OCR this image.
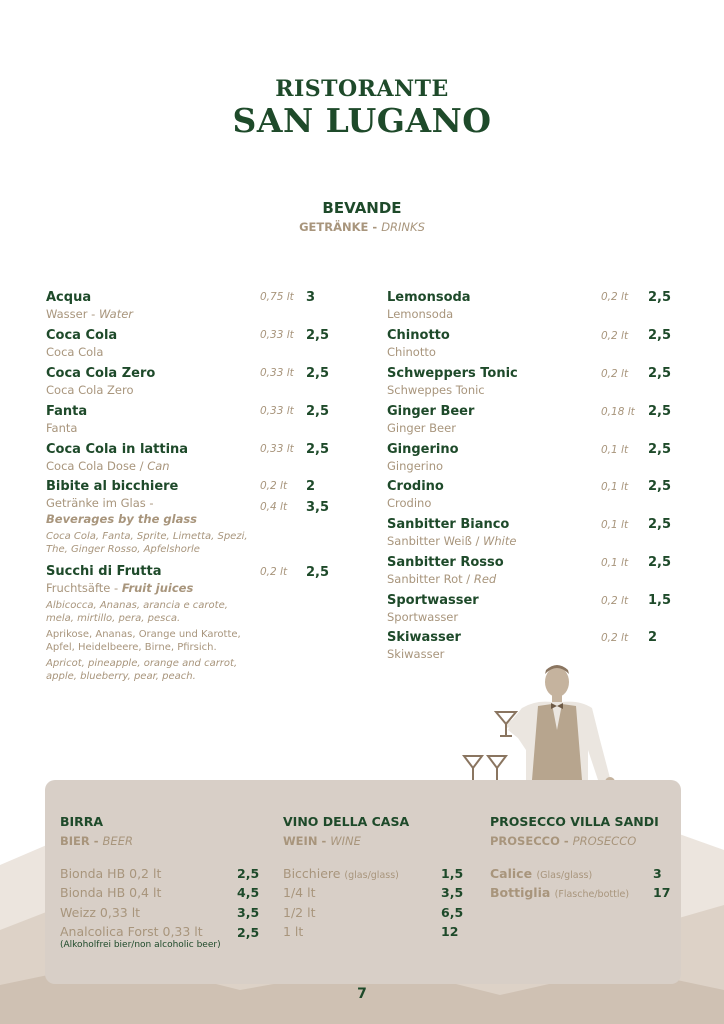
RISTORANTE
SAN LUGANO
BEVANDE
GETRÄNKE - DRINKS
Acqua
Wasser - Water
0,75 lt 3
Coca Cola
Coca Cola
0,33 lt 2,5
Coca Cola Zero
Coca Cola Zero
0,33 lt 2,5
Fanta
Fanta
0,33 lt 2,5
Coca Cola in lattina
Coca Cola Dose / Can
0,33 lt 2,5
Bibite al bicchiere
Getränke im Glas -
Beverages by the glass
Coca Cola, Fanta, Sprite, Limetta, Spezi, The, Ginger Rosso, Apfelshorle
0,2 lt 2
0,4 lt 3,5
Succhi di Frutta
Fruchtsäfte - Fruit juices
Albicocca, Ananas, arancia e carote, mela, mirtillo, pera, pesca.
Aprikose, Ananas, Orange und Karotte, Apfel, Heidelbeere, Birne, Pfirsich.
Apricot, pineapple, orange and carrot, apple, blueberry, pear, peach.
0,2 lt 2,5
Lemonsoda
Lemonsoda
0,2 lt 2,5
Chinotto
Chinotto
0,2 lt 2,5
Schweppers Tonic
Schweppes Tonic
0,2 lt 2,5
Ginger Beer
Ginger Beer
0,18 lt 2,5
Gingerino
Gingerino
0,1 lt 2,5
Crodino
Crodino
0,1 lt 2,5
Sanbitter Bianco
Sanbitter Weiß / White
0,1 lt 2,5
Sanbitter Rosso
Sanbitter Rot / Red
0,1 lt 2,5
Sportwasser
Sportwasser
0,2 lt 1,5
Skiwasser
Skiwasser
0,2 lt 2
BIRRA
BIER - BEER
Bionda HB 0,2 lt	2,5
Bionda HB 0,4 lt	4,5
Weizz 0,33 lt	3,5
Analcolica Forst 0,33 lt	2,5
(Alkoholfrei bier/non alcoholic beer)
VINO DELLA CASA
WEIN - WINE
Bicchiere (glas/glass)	1,5
1/4 lt	3,5
1/2 lt	6,5
1 lt	12
PROSECCO VILLA SANDI
PROSECCO - PROSECCO
Calice (Glas/glass)	3
Bottiglia (Flasche/bottle) 17
7
